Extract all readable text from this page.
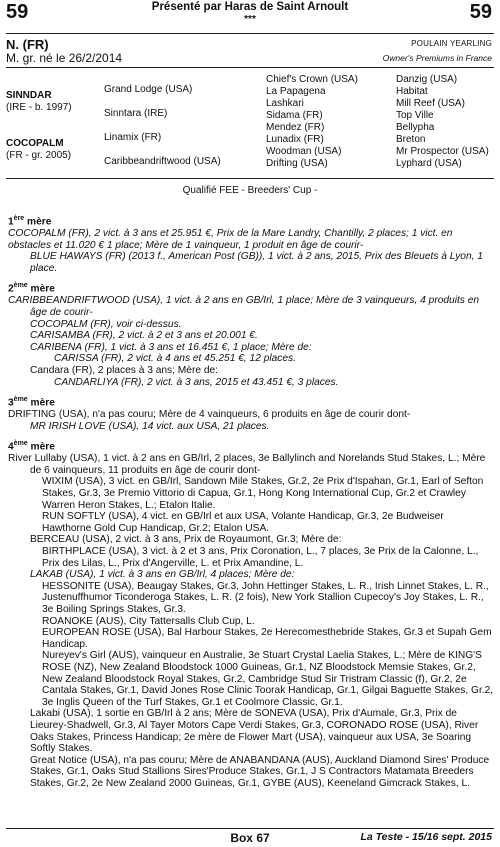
59	Présenté par Haras de Saint Arnoult
***	59
N. (FR)
M. gr. né le 26/2/2014
POULAIN YEARLING
Owner's Premiums in France
SINNDAR
(IRE - b. 1997)
COCOPALM
(FR - gr. 2005)
Grand Lodge (USA)
Sinntara (IRE)
Linamix (FR)
Caribbeandriftwood (USA)
Chief's Crown (USA)
La Papagena
Lashkari
Sidama (FR)
Mendez (FR)
Lunadix (FR)
Woodman (USA)
Drifting (USA)
Danzig (USA)
Habitat
Mill Reef (USA)
Top Ville
Bellypha
Breton
Mr Prospector (USA)
Lyphard (USA)
Qualifié FEE - Breeders' Cup -

1ère mère

COCOPALM (FR), 2 vict. à 3 ans et 25.951 €, Prix de la Mare Landry, Chantilly, 2 places; 1 vict. en obstacles et 11.020 € 1 place; Mère de 1 vainqueur, 1 produit en âge de courir-

BLUE HAWAYS (FR) (2013 f., American Post (GB)), 1 vict. à 2 ans, 2015, Prix des Bleuets à Lyon, 1 place.

2ème mère

CARIBBEANDRIFTWOOD (USA), 1 vict. à 2 ans en GB/Irl, 1 place; Mère de 3 vainqueurs, 4 produits en âge de courir-

COCOPALM (FR), voir ci-dessus.

CARISAMBA (FR), 2 vict. à 2 et 3 ans et 20.001 €.

CARIBENA (FR), 1 vict. à 3 ans et 16.451 €, 1 place; Mère de:

CARISSA (FR), 2 vict. à 4 ans et 45.251 €, 12 places.

Candara (FR), 2 places à 3 ans; Mère de:

CANDARLIYA (FR), 2 vict. à 3 ans, 2015 et 43.451 €, 3 places.

3ème mère

DRIFTING (USA), n'a pas couru; Mère de 4 vainqueurs, 6 produits en âge de courir dont-

MR IRISH LOVE (USA), 14 vict. aux USA, 21 places.

4ème mère

River Lullaby (USA), 1 vict. à 2 ans en GB/Irl, 2 places, 3e Ballylinch and Norelands Stud Stakes, L.; Mère de 6 vainqueurs, 11 produits en âge de courir dont-

WIXIM (USA), 3 vict. en GB/Irl, Sandown Mile Stakes, Gr.2, 2e Prix d'Ispahan, Gr.1, Earl of Sefton Stakes, Gr.3, 3e Premio Vittorio di Capua, Gr.1, Hong Kong International Cup, Gr.2 et Crawley Warren Heron Stakes, L.; Etalon Italie.

RUN SOFTLY (USA), 4 vict. en GB/Irl et aux USA, Volante Handicap, Gr.3, 2e Budweiser Hawthorne Gold Cup Handicap, Gr.2; Etalon USA.

BERCEAU (USA), 2 vict. à 3 ans, Prix de Royaumont, Gr.3; Mère de:

BIRTHPLACE (USA), 3 vict. à 2 et 3 ans, Prix Coronation, L., 7 places, 3e Prix de la Calonne, L., Prix des Lilas, L., Prix d'Angerville, L. et Prix Amandine, L.

LAKAB (USA), 1 vict. à 3 ans en GB/Irl, 4 places; Mère de:

HESSONITE (USA), Beaugay Stakes, Gr.3, John Hettinger Stakes, L. R., Irish Linnet Stakes, L. R., Justenuffhumor Ticonderoga Stakes, L. R. (2 fois), New York Stallion Cupecoy's Joy Stakes, L. R., 3e Boiling Springs Stakes, Gr.3.

ROANOKE (AUS), City Tattersalls Club Cup, L.

EUROPEAN ROSE (USA), Bal Harbour Stakes, 2e Herecomesthebride Stakes, Gr.3 et Supah Gem Handicap.

Nureyev's Girl (AUS), vainqueur en Australie, 3e Stuart Crystal Laelia Stakes, L.; Mère de KING'S ROSE (NZ), New Zealand Bloodstock 1000 Guineas, Gr.1, NZ Bloodstock Memsie Stakes, Gr.2, New Zealand Bloodstock Royal Stakes, Gr.2, Cambridge Stud Sir Tristram Classic (f), Gr.2, 2e Cantala Stakes, Gr.1, David Jones Rose Clinic Toorak Handicap, Gr.1, Gilgai Baguette Stakes, Gr.2, 3e Inglis Queen of the Turf Stakes, Gr.1 et Coolmore Classic, Gr.1.

Lakabi (USA), 1 sortie en GB/Irl à 2 ans; Mère de SONEVA (USA), Prix d'Aumale, Gr.3, Prix de Lieurey-Shadwell, Gr.3, Al Tayer Motors Cape Verdi Stakes, Gr.3, CORONADO ROSE (USA), River Oaks Stakes, Princess Handicap; 2e mère de Flower Mart (USA), vainqueur aux USA, 3e Soaring Softly Stakes.

Great Notice (USA), n'a pas couru; Mère de ANABANDANA (AUS), Auckland Diamond Sires' Produce Stakes, Gr.1, Oaks Stud Stallions Sires'Produce Stakes, Gr.1, J S Contractors Matamata Breeders Stakes, Gr.2, 2e New Zealand 2000 Guineas, Gr.1, GYBE (AUS), Keeneland Gimcrack Stakes, L.

Box 67	La Teste - 15/16 sept. 2015
